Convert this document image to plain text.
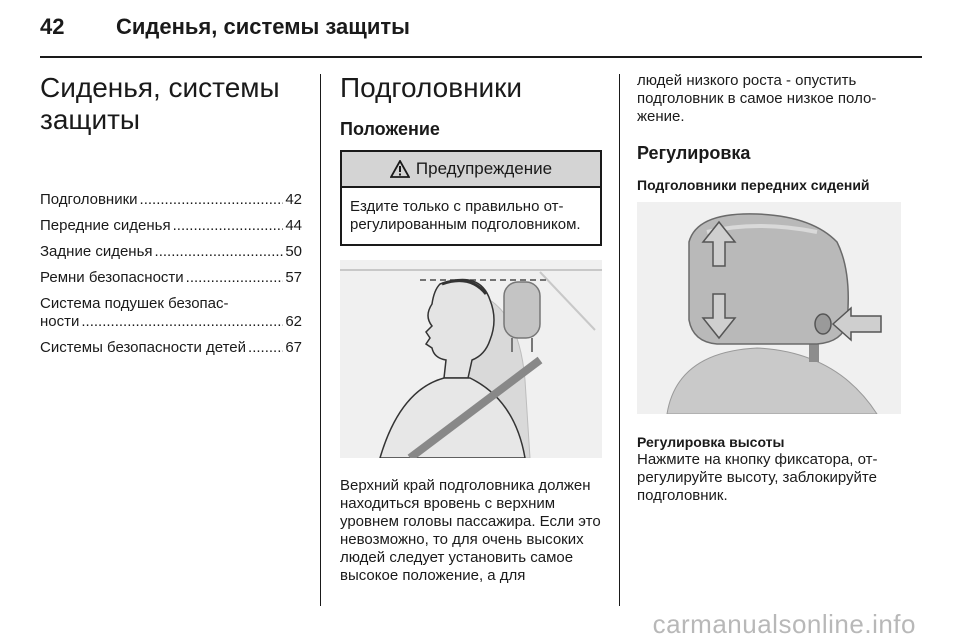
42 Сиденья, системы защиты
Сиденья, системы
защиты
Подголовники .....	42
Передние сиденья .....	44
Задние сиденья .....	50
Ремни безопасности .....	57
Система подушек безопас-
ности .....	62
Системы безопасности детей .....	67
Подголовники
Положение
Предупреждение
Ездите только с правильно отрегулированным подголовником.

Верхний край подголовника должен находиться вровень с верхним уровнем головы пассажира. Если это невозможно, то для очень высоких людей следует установить самое высокое положение, а для

людей низкого роста - опустить подголовник в самое низкое положение.

Регулировка

Подголовники передних сидений

Регулировка высоты

Нажмите на кнопку фиксатора, отрегулируйте высоту, заблокируйте подголовник.

carmanualsonline.info
